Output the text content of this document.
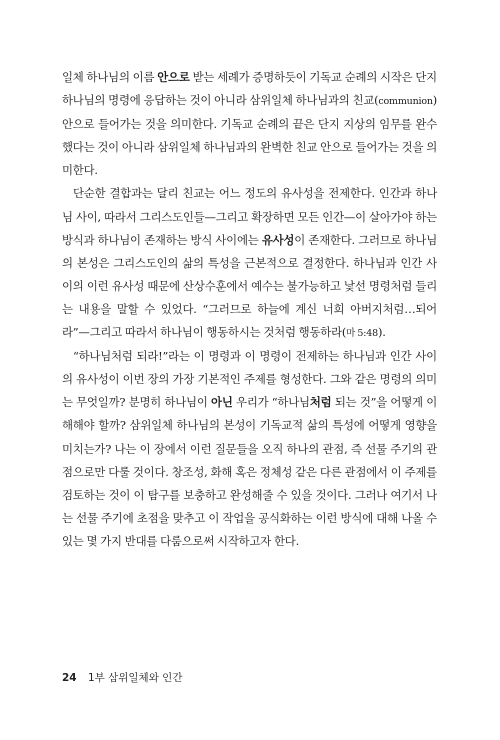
일체 하나님의 이름 안으로 받는 세례가 증명하듯이 기독교 순례의 시작은 단지 하나님의 명령에 응답하는 것이 아니라 삼위일체 하나님과의 친교(communion) 안으로 들어가는 것을 의미한다. 기독교 순례의 끝은 단지 지상의 임무를 완수했다는 것이 아니라 삼위일체 하나님과의 완벽한 친교 안으로 들어가는 것을 의미한다.

단순한 결합과는 달리 친교는 어느 정도의 유사성을 전제한다. 인간과 하나님 사이, 따라서 그리스도인들—그리고 확장하면 모든 인간—이 살아가야 하는 방식과 하나님이 존재하는 방식 사이에는 유사성이 존재한다. 그러므로 하나님의 본성은 그리스도인의 삶의 특성을 근본적으로 결정한다. 하나님과 인간 사이의 이런 유사성 때문에 산상수훈에서 예수는 불가능하고 낯선 명령처럼 들리는 내용을 말할 수 있었다. “그러므로 하늘에 계신 너희 아버지처럼…되어라”—그리고 따라서 하나님이 행동하시는 것처럼 행동하라(마 5:48).

“하나님처럼 되라!”라는 이 명령과 이 명령이 전제하는 하나님과 인간 사이의 유사성이 이번 장의 가장 기본적인 주제를 형성한다. 그와 같은 명령의 의미는 무엇일까? 분명히 하나님이 아닌 우리가 “하나님처럼 되는 것”을 어떻게 이해해야 할까? 삼위일체 하나님의 본성이 기독교적 삶의 특성에 어떻게 영향을 미치는가? 나는 이 장에서 이런 질문들을 오직 하나의 관점, 즉 선물 주기의 관점으로만 다룰 것이다. 창조성, 화해 혹은 정체성 같은 다른 관점에서 이 주제를 검토하는 것이 이 탐구를 보충하고 완성해줄 수 있을 것이다. 그러나 여기서 나는 선물 주기에 초점을 맞추고 이 작업을 공식화하는 이런 방식에 대해 나올 수 있는 몇 가지 반대를 다룸으로써 시작하고자 한다.

24 1부 삼위일체와 인간
